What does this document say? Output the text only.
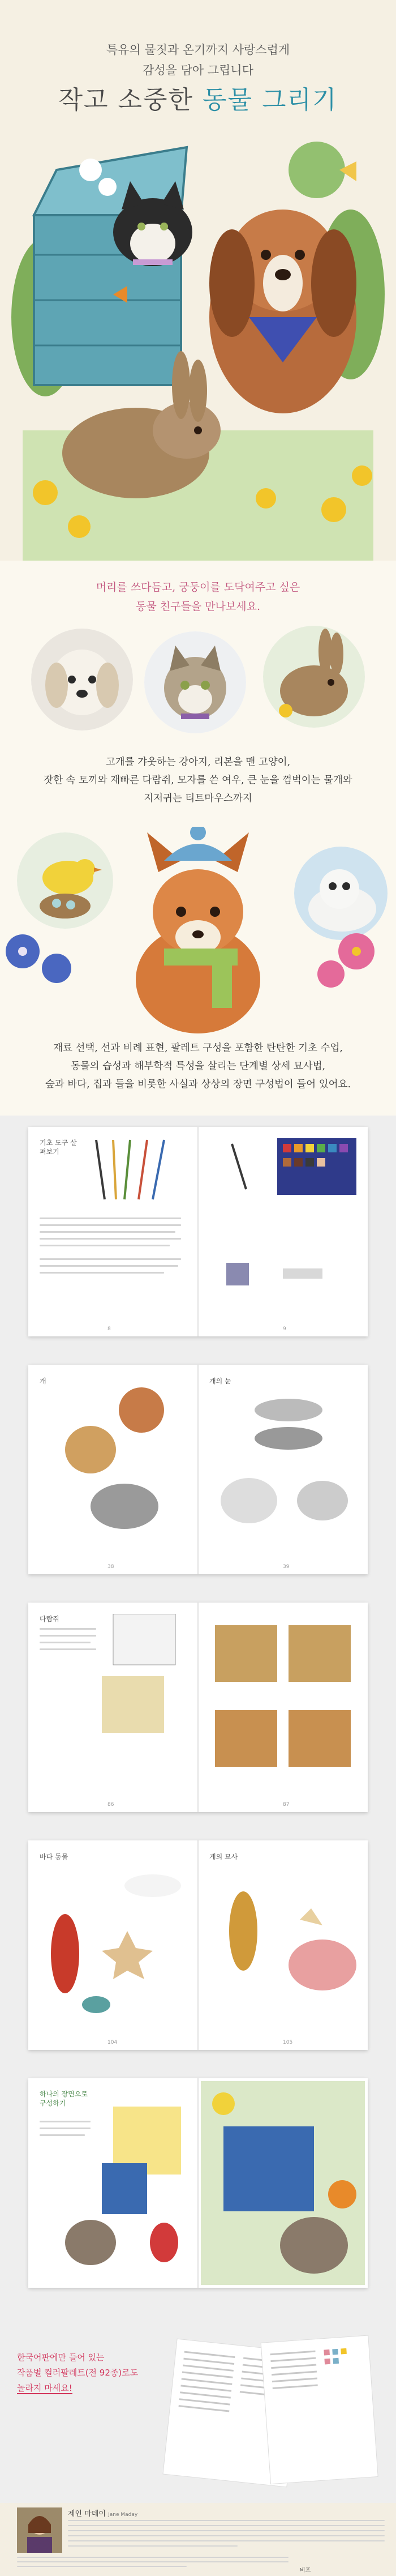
특유의 물짓과 온기까지 사랑스럽게
감성을 담아 그립니다
작고 소중한 동물 그리기
머리를 쓰다듬고, 궁둥이를 도닥여주고 싶은
동물 친구들을 만나보세요.
고개를 갸웃하는 강아지, 리본을 맨 고양이,
잣한 속 토끼와 재빠른 다람쥐, 모자를 쓴 여우, 큰 눈을 껌벅이는 물개와
지저귀는 티트마우스까지
재료 선택, 선과 비례 표현, 팔레트 구성을 포함한 탄탄한 기초 수업,
동물의 습성과 해부학적 특성을 살리는 단계별 상세 묘사법,
숲과 바다, 집과 들을 비롯한 사실과 상상의 장면 구성법이 들어 있어요.
기초 도구 살펴보기
8	9
개	개의 눈
38	39
다람쥐
86	87
바다 동물	게의 묘사
104	105
하나의 장면으로 구성하기
한국어판에만 들어 있는
작품별 컬러팔레트(전 92종)로도
놀라지 마세요!
제인 마데이 Jane Maday
비프
